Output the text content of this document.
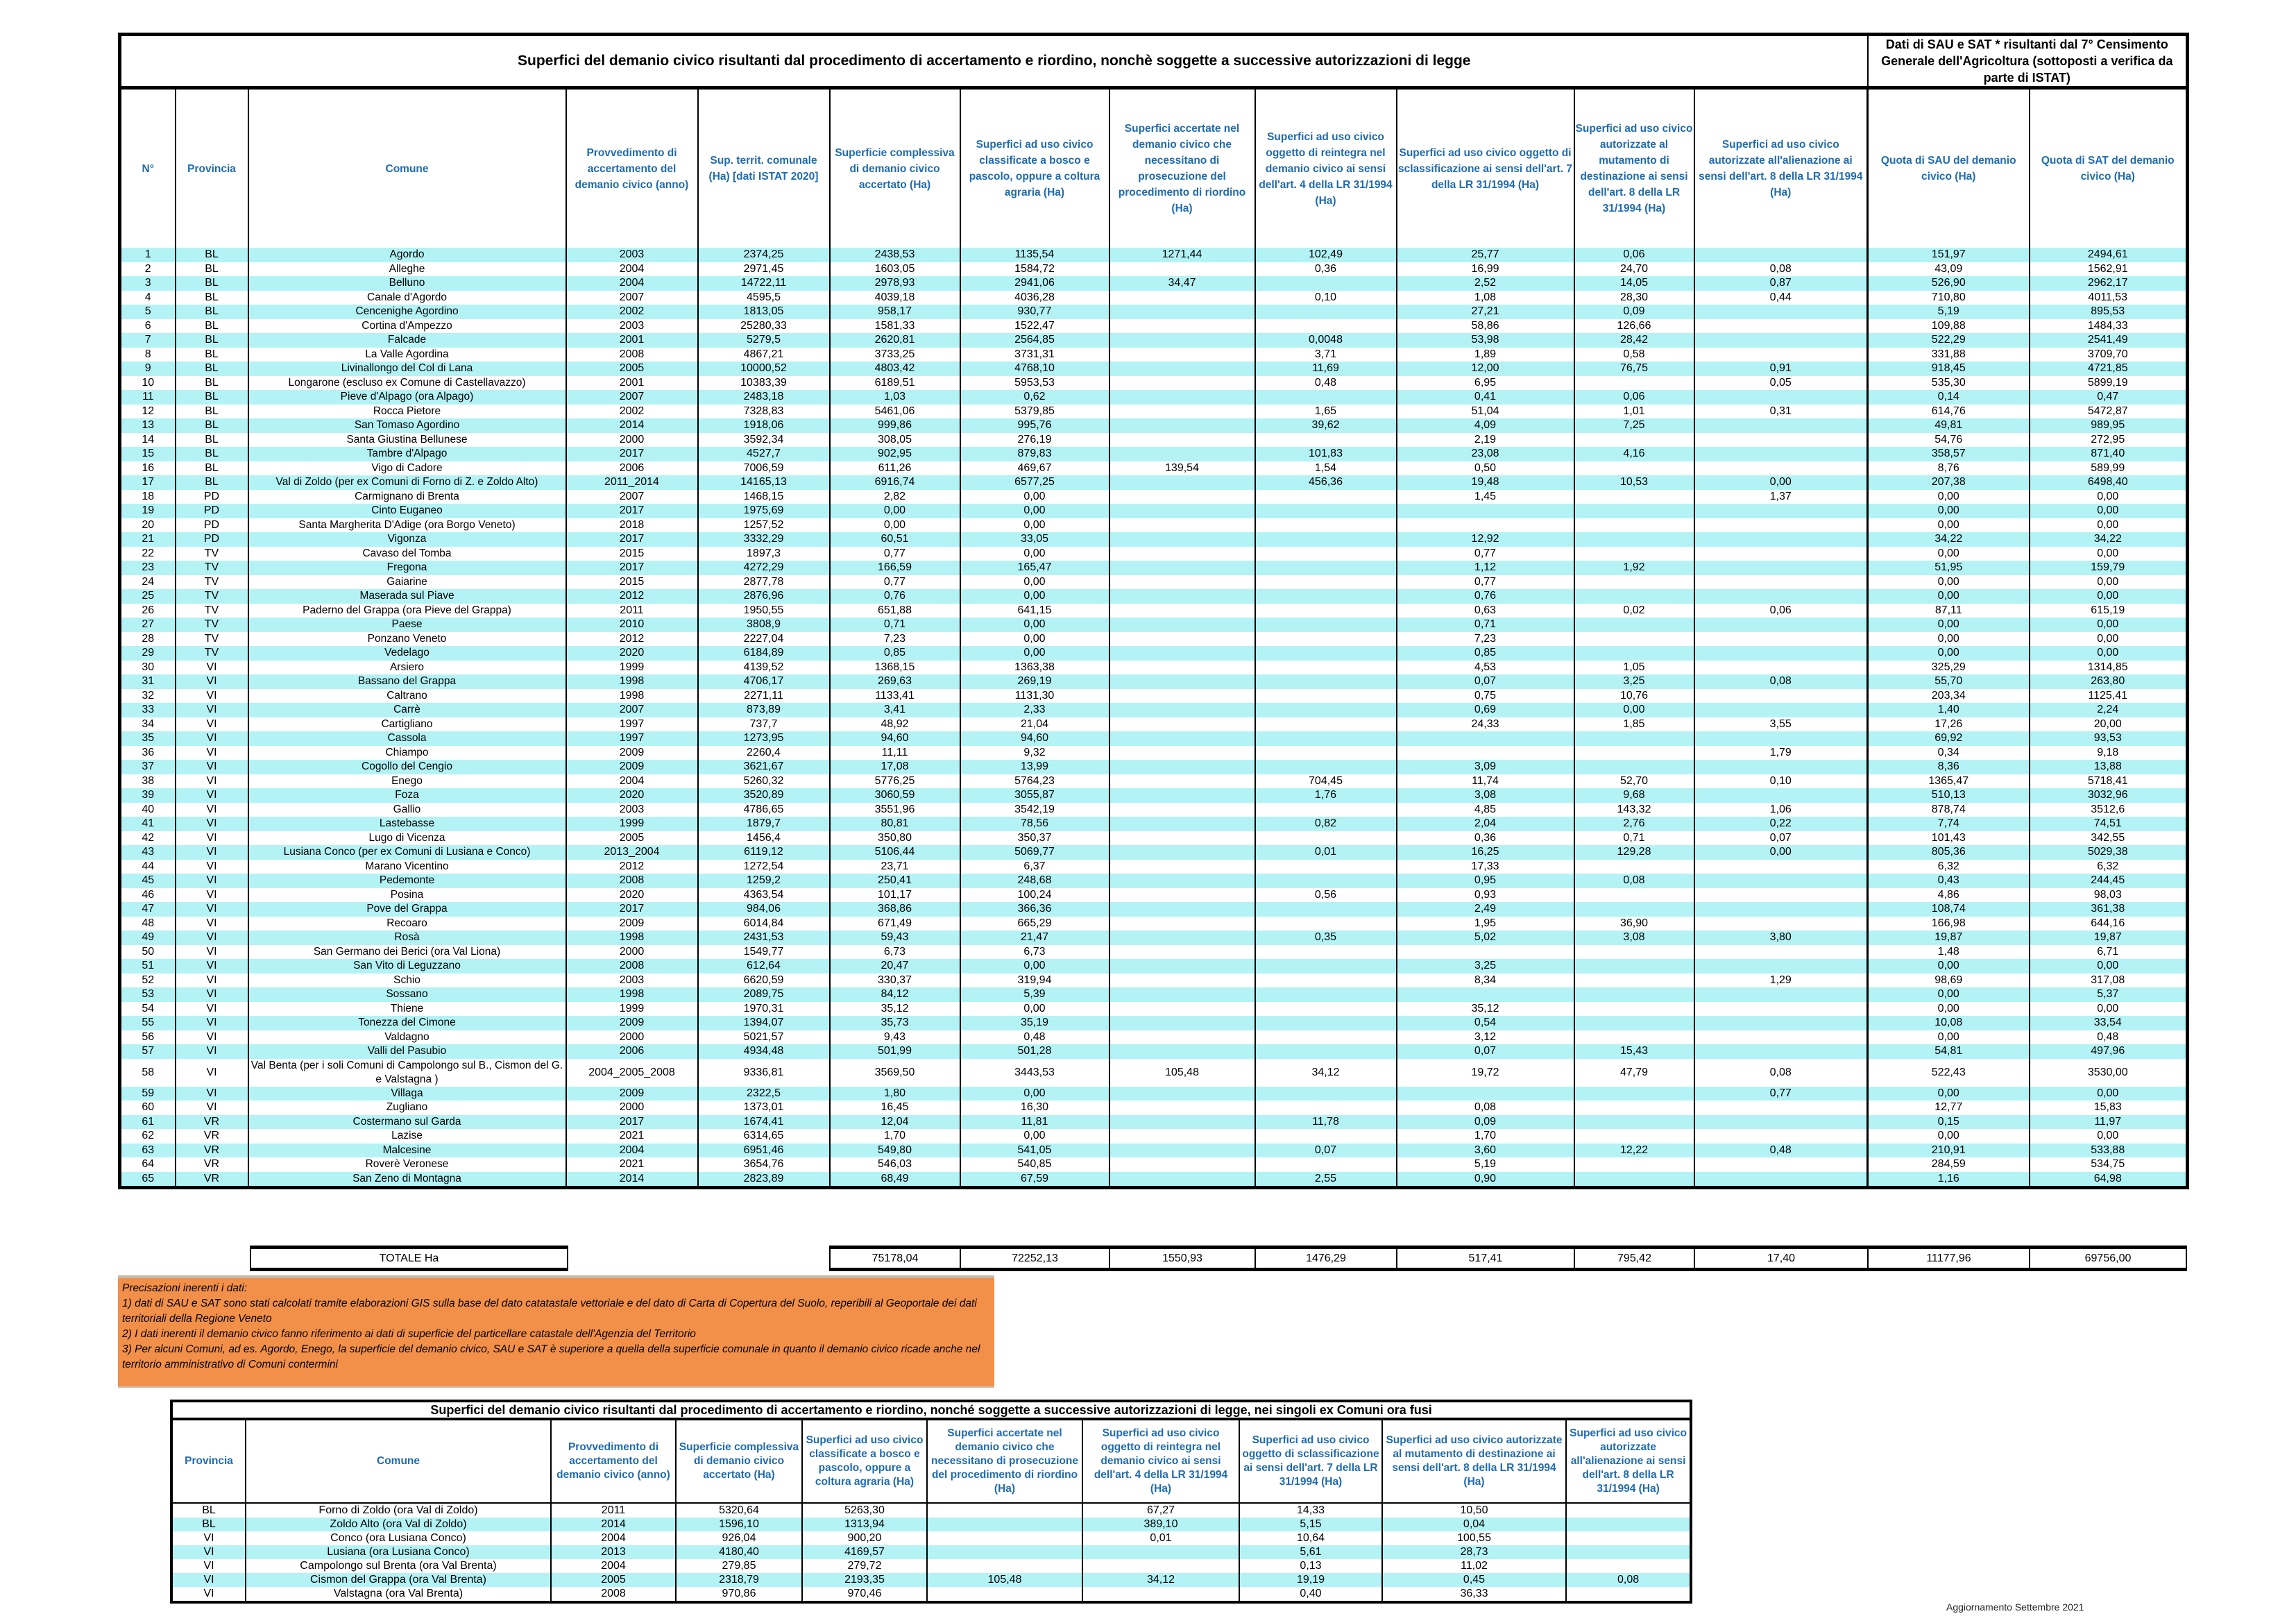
Superfici del demanio civico risultanti dal procedimento di accertamento e riordino, nonchè soggette a successive autorizzazioni di legge												Dati di SAU e SAT * risultanti dal 7° Censimento Generale dell'Agricoltura (sottoposti a verifica da parte di ISTAT)	
N°	Provincia	Comune	Provvedimento di accertamento del demanio civico (anno)	Sup. territ. comunale (Ha) [dati ISTAT 2020]	Superficie complessiva di demanio civico accertato (Ha)	Superfici ad uso civico classificate a bosco e pascolo, oppure a coltura agraria (Ha)	Superfici accertate nel demanio civico che necessitano di prosecuzione del procedimento di riordino (Ha)	Superfici ad uso civico oggetto di reintegra nel demanio civico ai sensi dell'art. 4 della LR 31/1994 (Ha)	Superfici ad uso civico oggetto di sclassificazione ai sensi dell'art. 7 della LR 31/1994 (Ha)	Superfici ad uso civico autorizzate al mutamento di destinazione ai sensi dell'art. 8 della LR 31/1994 (Ha)	Superfici ad uso civico autorizzate all'alienazione ai sensi dell'art. 8 della LR 31/1994 (Ha)	Quota di SAU del demanio civico (Ha)	Quota di SAT del demanio civico (Ha)
1	BL	Agordo	2003	2374,25	2438,53	1135,54	1271,44	102,49	25,77	0,06		151,97	2494,61
2	BL	Alleghe	2004	2971,45	1603,05	1584,72		0,36	16,99	24,70	0,08	43,09	1562,91
3	BL	Belluno	2004	14722,11	2978,93	2941,06	34,47		2,52	14,05	0,87	526,90	2962,17
4	BL	Canale d'Agordo	2007	4595,5	4039,18	4036,28		0,10	1,08	28,30	0,44	710,80	4011,53
5	BL	Cencenighe Agordino	2002	1813,05	958,17	930,77			27,21	0,09		5,19	895,53
6	BL	Cortina d'Ampezzo	2003	25280,33	1581,33	1522,47			58,86	126,66		109,88	1484,33
7	BL	Falcade	2001	5279,5	2620,81	2564,85		0,0048	53,98	28,42		522,29	2541,49
8	BL	La Valle Agordina	2008	4867,21	3733,25	3731,31		3,71	1,89	0,58		331,88	3709,70
9	BL	Livinallongo del Col di Lana	2005	10000,52	4803,42	4768,10		11,69	12,00	76,75	0,91	918,45	4721,85
10	BL	Longarone (escluso ex Comune di Castellavazzo)	2001	10383,39	6189,51	5953,53		0,48	6,95		0,05	535,30	5899,19
11	BL	Pieve d'Alpago (ora Alpago)	2007	2483,18	1,03	0,62			0,41	0,06		0,14	0,47
12	BL	Rocca Pietore	2002	7328,83	5461,06	5379,85		1,65	51,04	1,01	0,31	614,76	5472,87
13	BL	San Tomaso Agordino	2014	1918,06	999,86	995,76		39,62	4,09	7,25		49,81	989,95
14	BL	Santa Giustina Bellunese	2000	3592,34	308,05	276,19			2,19			54,76	272,95
15	BL	Tambre d'Alpago	2017	4527,7	902,95	879,83		101,83	23,08	4,16		358,57	871,40
16	BL	Vigo di Cadore	2006	7006,59	611,26	469,67	139,54	1,54	0,50			8,76	589,99
17	BL	Val di Zoldo (per ex Comuni di Forno di Z. e Zoldo Alto)	2011_2014	14165,13	6916,74	6577,25		456,36	19,48	10,53	0,00	207,38	6498,40
18	PD	Carmignano di Brenta	2007	1468,15	2,82	0,00			1,45		1,37	0,00	0,00
19	PD	Cinto Euganeo	2017	1975,69	0,00	0,00						0,00	0,00
20	PD	Santa Margherita D'Adige (ora Borgo Veneto)	2018	1257,52	0,00	0,00						0,00	0,00
21	PD	Vigonza	2017	3332,29	60,51	33,05			12,92			34,22	34,22
22	TV	Cavaso del Tomba	2015	1897,3	0,77	0,00			0,77			0,00	0,00
23	TV	Fregona	2017	4272,29	166,59	165,47			1,12	1,92		51,95	159,79
24	TV	Gaiarine	2015	2877,78	0,77	0,00			0,77			0,00	0,00
25	TV	Maserada sul Piave	2012	2876,96	0,76	0,00			0,76			0,00	0,00
26	TV	Paderno del Grappa (ora Pieve del Grappa)	2011	1950,55	651,88	641,15			0,63	0,02	0,06	87,11	615,19
27	TV	Paese	2010	3808,9	0,71	0,00			0,71			0,00	0,00
28	TV	Ponzano Veneto	2012	2227,04	7,23	0,00			7,23			0,00	0,00
29	TV	Vedelago	2020	6184,89	0,85	0,00			0,85			0,00	0,00
30	VI	Arsiero	1999	4139,52	1368,15	1363,38			4,53	1,05		325,29	1314,85
31	VI	Bassano del Grappa	1998	4706,17	269,63	269,19			0,07	3,25	0,08	55,70	263,80
32	VI	Caltrano	1998	2271,11	1133,41	1131,30			0,75	10,76		203,34	1125,41
33	VI	Carrè	2007	873,89	3,41	2,33			0,69	0,00		1,40	2,24
34	VI	Cartigliano	1997	737,7	48,92	21,04			24,33	1,85	3,55	17,26	20,00
35	VI	Cassola	1997	1273,95	94,60	94,60						69,92	93,53
36	VI	Chiampo	2009	2260,4	11,11	9,32					1,79	0,34	9,18
37	VI	Cogollo del Cengio	2009	3621,67	17,08	13,99			3,09			8,36	13,88
38	VI	Enego	2004	5260,32	5776,25	5764,23		704,45	11,74	52,70	0,10	1365,47	5718,41
39	VI	Foza	2020	3520,89	3060,59	3055,87		1,76	3,08	9,68		510,13	3032,96
40	VI	Gallio	2003	4786,65	3551,96	3542,19			4,85	143,32	1,06	878,74	3512,6
41	VI	Lastebasse	1999	1879,7	80,81	78,56		0,82	2,04	2,76	0,22	7,74	74,51
42	VI	Lugo di Vicenza	2005	1456,4	350,80	350,37			0,36	0,71	0,07	101,43	342,55
43	VI	Lusiana Conco (per ex Comuni di Lusiana e Conco)	2013_2004	6119,12	5106,44	5069,77		0,01	16,25	129,28	0,00	805,36	5029,38
44	VI	Marano Vicentino	2012	1272,54	23,71	6,37			17,33			6,32	6,32
45	VI	Pedemonte	2008	1259,2	250,41	248,68			0,95	0,08		0,43	244,45
46	VI	Posina	2020	4363,54	101,17	100,24		0,56	0,93			4,86	98,03
47	VI	Pove del Grappa	2017	984,06	368,86	366,36			2,49			108,74	361,38
48	VI	Recoaro	2009	6014,84	671,49	665,29			1,95	36,90		166,98	644,16
49	VI	Rosà	1998	2431,53	59,43	21,47		0,35	5,02	3,08	3,80	19,87	19,87
50	VI	San Germano dei Berici (ora Val Liona)	2000	1549,77	6,73	6,73						1,48	6,71
51	VI	San Vito di Leguzzano	2008	612,64	20,47	0,00			3,25			0,00	0,00
52	VI	Schio	2003	6620,59	330,37	319,94			8,34		1,29	98,69	317,08
53	VI	Sossano	1998	2089,75	84,12	5,39						0,00	5,37
54	VI	Thiene	1999	1970,31	35,12	0,00			35,12			0,00	0,00
55	VI	Tonezza del Cimone	2009	1394,07	35,73	35,19			0,54			10,08	33,54
56	VI	Valdagno	2000	5021,57	9,43	0,48			3,12			0,00	0,48
57	VI	Valli del Pasubio	2006	4934,48	501,99	501,28			0,07	15,43		54,81	497,96
58	VI	Val Benta (per i soli Comuni di Campolongo sul B., Cismon del G. e Valstagna )	2004_2005_2008	9336,81	3569,50	3443,53	105,48	34,12	19,72	47,79	0,08	522,43	3530,00
59	VI	Villaga	2009	2322,5	1,80	0,00					0,77	0,00	0,00
60	VI	Zugliano	2000	1373,01	16,45	16,30			0,08			12,77	15,83
61	VR	Costermano sul Garda	2017	1674,41	12,04	11,81		11,78	0,09			0,15	11,97
62	VR	Lazise	2021	6314,65	1,70	0,00			1,70			0,00	0,00
63	VR	Malcesine	2004	6951,46	549,80	541,05		0,07	3,60	12,22	0,48	210,91	533,88
64	VR	Roverè Veronese	2021	3654,76	546,03	540,85			5,19			284,59	534,75
65	VR	San Zeno di Montagna	2014	2823,89	68,49	67,59		2,55	0,90			1,16	64,98
TOTALE Ha	75178,04	72252,13	1550,93	1476,29	517,41	795,42	17,40	11177,96	69756,00
Precisazioni inerenti i dati:
1) dati di SAU e SAT sono stati calcolati tramite elaborazioni GIS sulla base del dato catatastale vettoriale e del dato di Carta di Copertura del Suolo, reperibili al Geoportale dei dati territoriali della Regione Veneto
2) I dati inerenti il demanio civico fanno riferimento ai dati di superficie del particellare catastale dell'Agenzia del Territorio
3) Per alcuni Comuni, ad es. Agordo, Enego, la superficie del demanio civico, SAU e SAT è superiore a quella della superficie comunale in quanto il demanio civico ricade anche nel territorio amministrativo di Comuni contermini
Superfici del demanio civico risultanti dal procedimento di accertamento e riordino, nonché soggette a successive autorizzazioni di legge, nei singoli ex Comuni ora fusi									
Provincia	Comune	Provvedimento di accertamento del demanio civico (anno)	Superficie complessiva di demanio civico accertato (Ha)	Superfici ad uso civico classificate a bosco e pascolo, oppure a coltura agraria (Ha)	Superfici accertate nel demanio civico che necessitano di prosecuzione del procedimento di riordino (Ha)	Superfici ad uso civico oggetto di reintegra nel demanio civico ai sensi dell'art. 4 della LR 31/1994 (Ha)	Superfici ad uso civico oggetto di sclassificazione ai sensi dell'art. 7 della LR 31/1994 (Ha)	Superfici ad uso civico autorizzate al mutamento di destinazione ai sensi dell'art. 8 della LR 31/1994 (Ha)	Superfici ad uso civico autorizzate all'alienazione ai sensi dell'art. 8 della LR 31/1994 (Ha)
BL	Forno di Zoldo (ora Val di Zoldo)	2011	5320,64	5263,30		67,27	14,33	10,50	
BL	Zoldo Alto (ora Val di Zoldo)	2014	1596,10	1313,94		389,10	5,15	0,04	
VI	Conco (ora Lusiana Conco)	2004	926,04	900,20		0,01	10,64	100,55	
VI	Lusiana (ora Lusiana Conco)	2013	4180,40	4169,57			5,61	28,73	
VI	Campolongo sul Brenta (ora Val Brenta)	2004	279,85	279,72			0,13	11,02	
VI	Cismon del Grappa (ora Val Brenta)	2005	2318,79	2193,35	105,48	34,12	19,19	0,45	0,08
VI	Valstagna (ora Val Brenta)	2008	970,86	970,46			0,40	36,33	
Aggiornamento Settembre 2021
